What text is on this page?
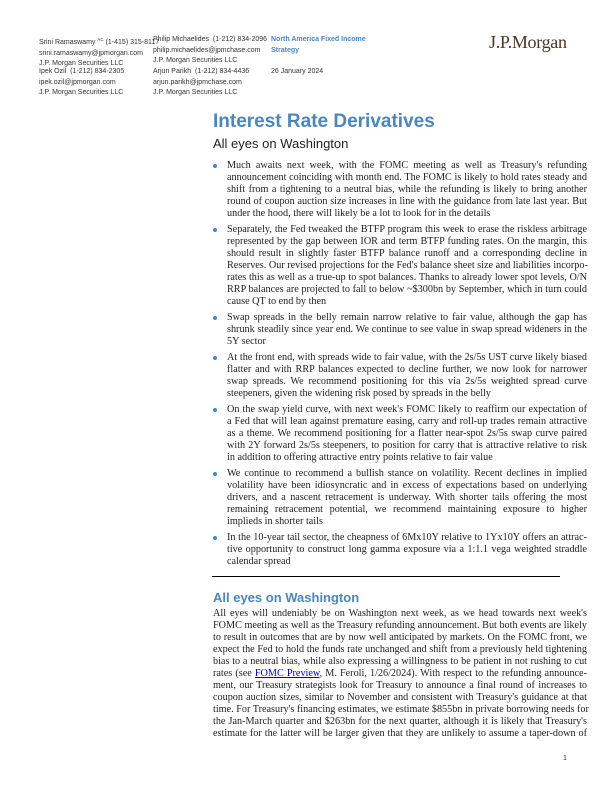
Srini Ramaswamy $^{AC}$ (1-415) 315-8117
srini.ramaswamy@jpmorgan.com
J.P. Morgan Securities LLC
Ipek Ozil (1-212) 834-2305
ipek.ozil@jpmorgan.com
J.P. Morgan Securities LLC
Philip Michaelides (1-212) 834-2096
philip.michaelides@jpmchase.com
J.P. Morgan Securities LLC
Arjun Parikh (1-212) 834-4436
arjun.parikh@jpmchase.com
J.P. Morgan Securities LLC
North America Fixed Income
Strategy
26 January 2024
J.P.Morgan
Interest Rate Derivatives
All eyes on Washington
Much awaits next week, with the FOMC meeting as well as Treasury's refunding
announcement coinciding with month end. The FOMC is likely to hold rates steady and
shift from a tightening to a neutral bias, while the refunding is likely to bring another
round of coupon auction size increases in line with the guidance from late last year. But
under the hood, there will likely be a lot to look for in the details
Separately, the Fed tweaked the BTFP program this week to erase the riskless arbitrage
represented by the gap between IOR and term BTFP funding rates. On the margin, this
should result in slightly faster BTFP balance runoff and a corresponding decline in
Reserves. Our revised projections for the Fed's balance sheet size and liabilities incorpo-
rates this as well as a true-up to spot balances. Thanks to already lower spot levels, O/N
RRP balances are projected to fall to below ~$300bn by September, which in turn could
cause QT to end by then
Swap spreads in the belly remain narrow relative to fair value, although the gap has
shrunk steadily since year end. We continue to see value in swap spread wideners in the
5Y sector
At the front end, with spreads wide to fair value, with the 2s/5s UST curve likely biased
flatter and with RRP balances expected to decline further, we now look for narrower
swap spreads. We recommend positioning for this via 2s/5s weighted spread curve
steepeners, given the widening risk posed by spreads in the belly
On the swap yield curve, with next week's FOMC likely to reaffirm our expectation of
a Fed that will lean against premature easing, carry and roll-up trades remain attractive
as a theme. We recommend positioning for a flatter near-spot 2s/5s swap curve paired
with 2Y forward 2s/5s steepeners, to position for carry that is attractive relative to risk
in addition to offering attractive entry points relative to fair value
We continue to recommend a bullish stance on volatility. Recent declines in implied
volatility have been idiosyncratic and in excess of expectations based on underlying
drivers, and a nascent retracement is underway. With shorter tails offering the most
remaining retracement potential, we recommend maintaining exposure to higher
implieds in shorter tails
In the 10-year tail sector, the cheapness of 6Mx10Y relative to 1Yx10Y offers an attrac-
tive opportunity to construct long gamma exposure via a 1:1.1 vega weighted straddle
calendar spread
All eyes on Washington
All eyes will undeniably be on Washington next week, as we head towards next week's
FOMC meeting as well as the Treasury refunding announcement. But both events are likely
to result in outcomes that are by now well anticipated by markets. On the FOMC front, we
expect the Fed to hold the funds rate unchanged and shift from a previously held tightening
bias to a neutral bias, while also expressing a willingness to be patient in not rushing to cut
rates (see FOMC Preview, M. Feroli, 1/26/2024). With respect to the refunding announce-
ment, our Treasury strategists look for Treasury to announce a final round of increases to
coupon auction sizes, similar to November and consistent with Treasury's guidance at that
time. For Treasury's financing estimates, we estimate $855bn in private borrowing needs for
the Jan-March quarter and $263bn for the next quarter, although it is likely that Treasury's
estimate for the latter will be larger given that they are unlikely to assume a taper-down of
1
